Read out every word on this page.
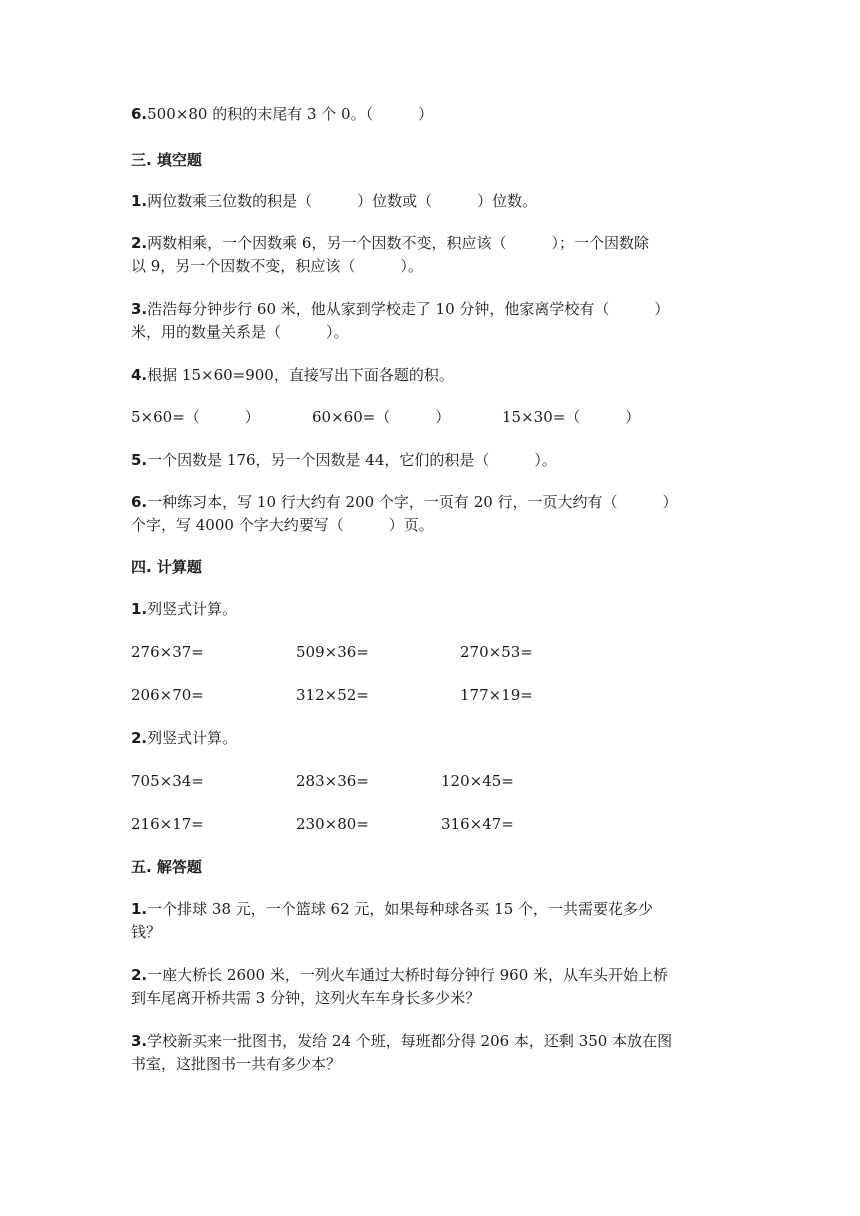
6.500×80 的积的末尾有 3 个 0。（　　　）
三. 填空题
1.两位数乘三位数的积是（　　　）位数或（　　　）位数。
2.两数相乘，一个因数乘 6，另一个因数不变，积应该（　　　）；一个因数除
以 9，另一个因数不变，积应该（　　　）。
3.浩浩每分钟步行 60 米，他从家到学校走了 10 分钟，他家离学校有（　　　）
米，用的数量关系是（　　　）。
4.根据 15×60=900，直接写出下面各题的积。
5×60=（　　　）	60×60=（　　　）	15×30=（　　　）
5.一个因数是 176，另一个因数是 44，它们的积是（　　　）。
6.一种练习本，写 10 行大约有 200 个字，一页有 20 行，一页大约有（　　　）
个字，写 4000 个字大约要写（　　　）页。
四. 计算题
1.列竖式计算。
276×37=	509×36=	270×53=
206×70=	312×52=	177×19=
2.列竖式计算。
705×34=	283×36=	120×45=
216×17=	230×80=	316×47=
五. 解答题
1.一个排球 38 元，一个篮球 62 元，如果每种球各买 15 个，一共需要花多少
钱？
2.一座大桥长 2600 米，一列火车通过大桥时每分钟行 960 米，从车头开始上桥
到车尾离开桥共需 3 分钟，这列火车车身长多少米？
3.学校新买来一批图书，发给 24 个班，每班都分得 206 本，还剩 350 本放在图
书室，这批图书一共有多少本？
